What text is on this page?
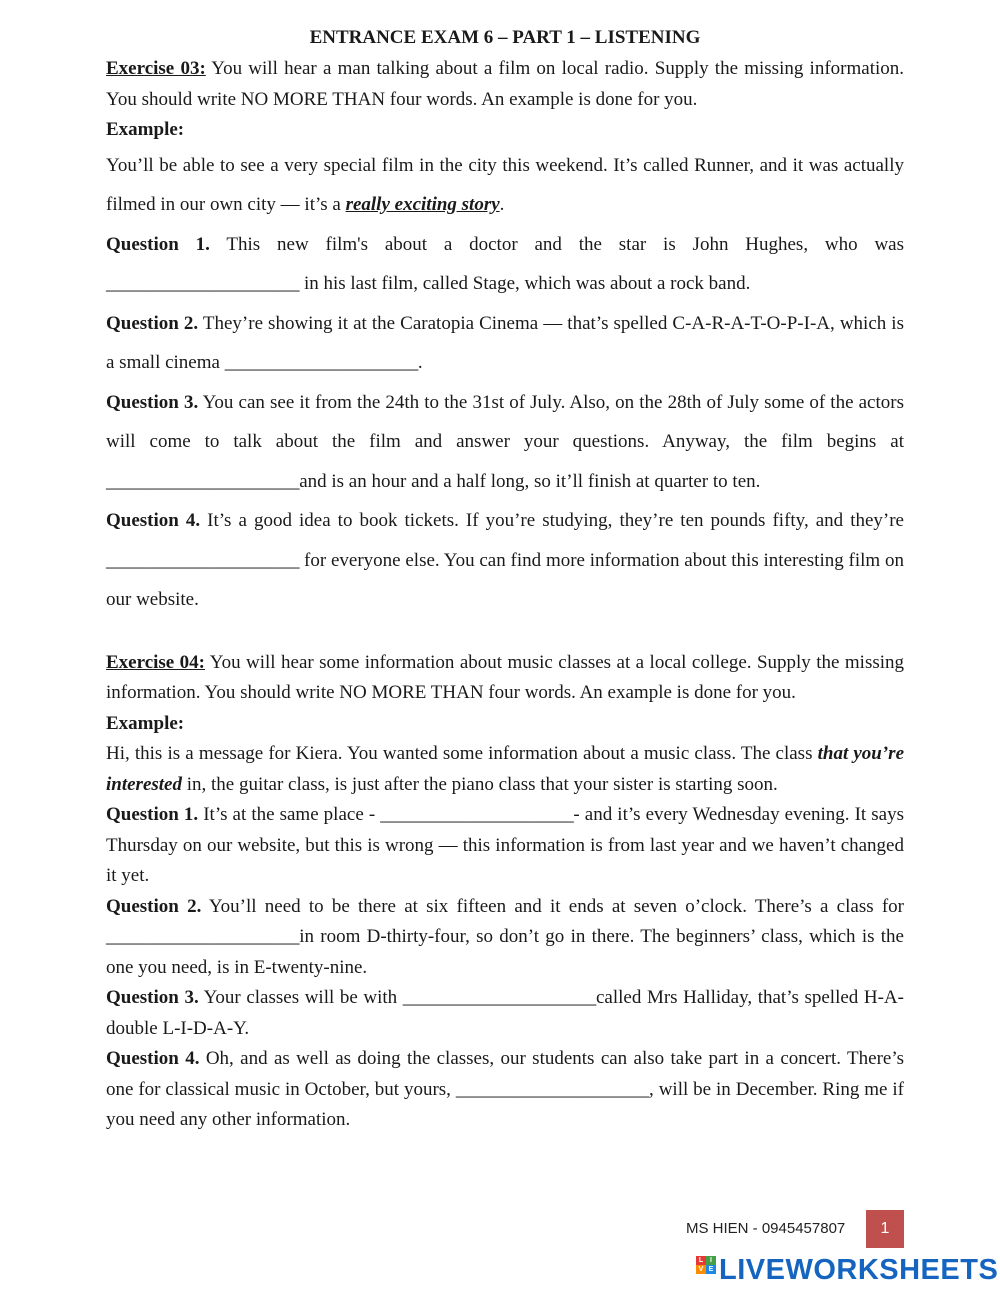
ENTRANCE EXAM 6 – PART 1 – LISTENING

Exercise 03: You will hear a man talking about a film on local radio. Supply the missing information. You should write NO MORE THAN four words. An example is done for you.

Example:

You’ll be able to see a very special film in the city this weekend. It’s called Runner, and it was actually filmed in our own city — it’s a really exciting story.

Question 1. This new film's about a doctor and the star is John Hughes, who was _____________________ in his last film, called Stage, which was about a rock band.

Question 2. They’re showing it at the Caratopia Cinema — that’s spelled C-A-R-A-T-O-P-I-A, which is a small cinema _____________________.

Question 3. You can see it from the 24th to the 31st of July. Also, on the 28th of July some of the actors will come to talk about the film and answer your questions. Anyway, the film begins at _____________________and is an hour and a half long, so it’ll finish at quarter to ten.

Question 4. It’s a good idea to book tickets. If you’re studying, they’re ten pounds fifty, and they’re _____________________ for everyone else. You can find more information about this interesting film on our website.

Exercise 04: You will hear some information about music classes at a local college. Supply the missing information. You should write NO MORE THAN four words. An example is done for you.

Example:

Hi, this is a message for Kiera. You wanted some information about a music class. The class that you’re interested in, the guitar class, is just after the piano class that your sister is starting soon.

Question 1. It’s at the same place - _____________________- and it’s every Wednesday evening. It says Thursday on our website, but this is wrong — this information is from last year and we haven’t changed it yet.

Question 2. You’ll need to be there at six fifteen and it ends at seven o’clock. There’s a class for _____________________in room D-thirty-four, so don’t go in there. The beginners’ class, which is the one you need, is in E-twenty-nine.

Question 3. Your classes will be with _____________________called Mrs Halliday, that’s spelled H-A-double L-I-D-A-Y.

Question 4. Oh, and as well as doing the classes, our students can also take part in a concert. There’s one for classical music in October, but yours, _____________________, will be in December. Ring me if you need any other information.

MS HIEN - 0945457807	1
L I
V E LIVEWORKSHEETS
